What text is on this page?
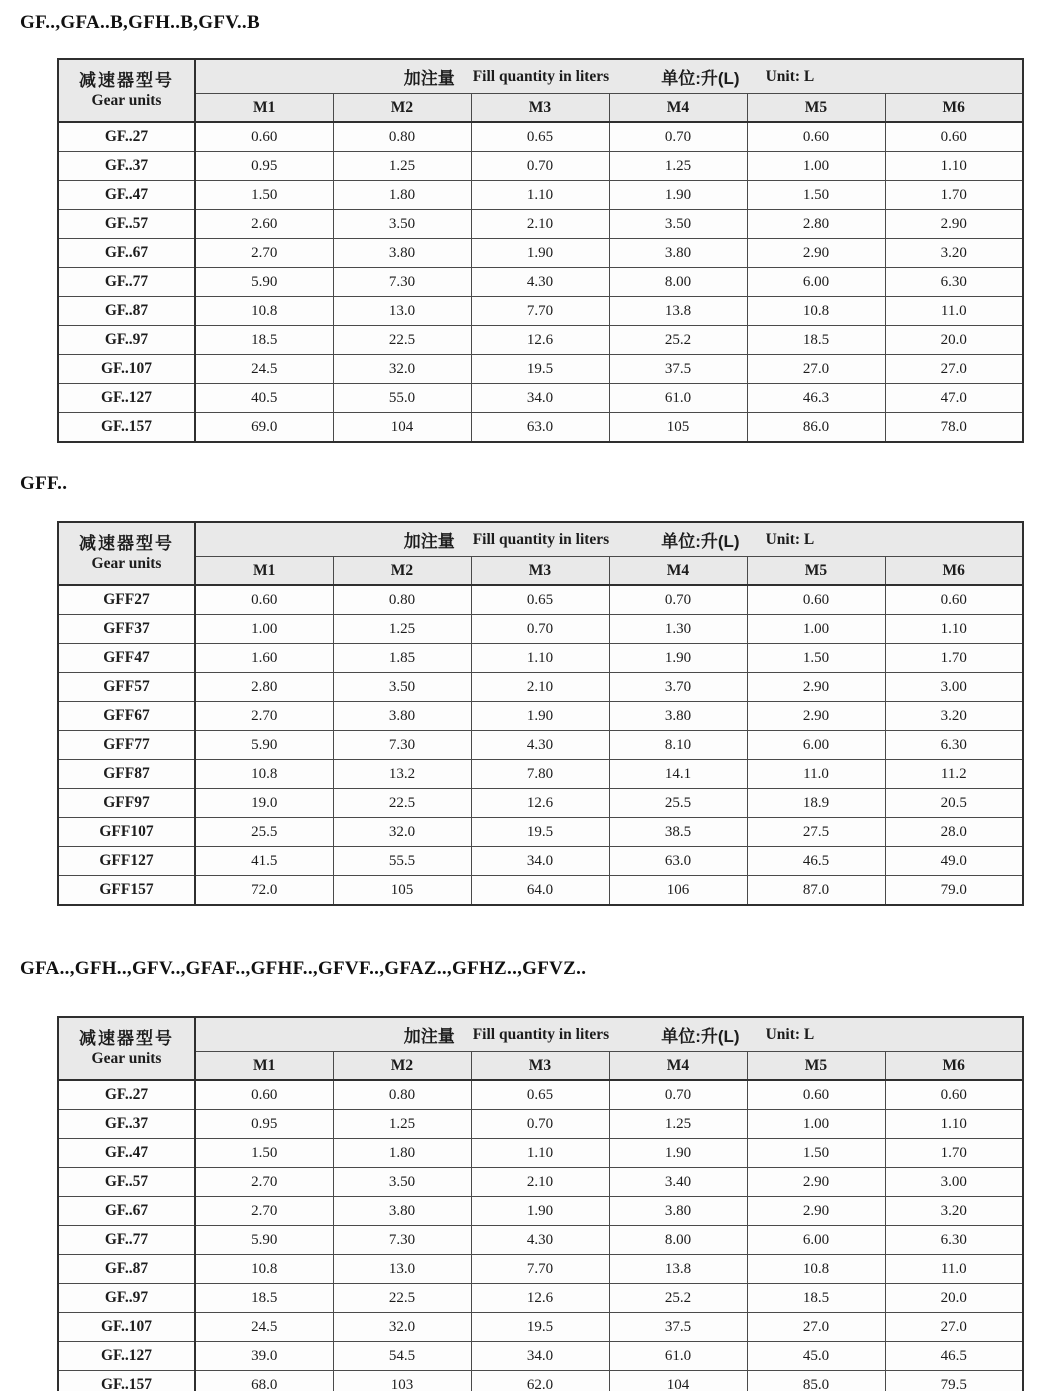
GF..,GFA..B,GFH..B,GFV..B
减速器型号
Gear units

加注量 Fill quantity in liters	单位:升(L) Unit: L

	M1	M2	M3	M4	M5	M6
GF..27	0.60	0.80	0.65	0.70	0.60	0.60
GF..37	0.95	1.25	0.70	1.25	1.00	1.10
GF..47	1.50	1.80	1.10	1.90	1.50	1.70
GF..57	2.60	3.50	2.10	3.50	2.80	2.90
GF..67	2.70	3.80	1.90	3.80	2.90	3.20
GF..77	5.90	7.30	4.30	8.00	6.00	6.30
GF..87	10.8	13.0	7.70	13.8	10.8	11.0
GF..97	18.5	22.5	12.6	25.2	18.5	20.0
GF..107	24.5	32.0	19.5	37.5	27.0	27.0
GF..127	40.5	55.0	34.0	61.0	46.3	47.0
GF..157	69.0	104	63.0	105	86.0	78.0
GFF..
减速器型号
Gear units

加注量 Fill quantity in liters	单位:升(L) Unit: L

	M1	M2	M3	M4	M5	M6
GFF27	0.60	0.80	0.65	0.70	0.60	0.60
GFF37	1.00	1.25	0.70	1.30	1.00	1.10
GFF47	1.60	1.85	1.10	1.90	1.50	1.70
GFF57	2.80	3.50	2.10	3.70	2.90	3.00
GFF67	2.70	3.80	1.90	3.80	2.90	3.20
GFF77	5.90	7.30	4.30	8.10	6.00	6.30
GFF87	10.8	13.2	7.80	14.1	11.0	11.2
GFF97	19.0	22.5	12.6	25.5	18.9	20.5
GFF107	25.5	32.0	19.5	38.5	27.5	28.0
GFF127	41.5	55.5	34.0	63.0	46.5	49.0
GFF157	72.0	105	64.0	106	87.0	79.0
GFA..,GFH..,GFV..,GFAF..,GFHF..,GFVF..,GFAZ..,GFHZ..,GFVZ..
减速器型号
Gear units

加注量 Fill quantity in liters	单位:升(L) Unit: L

	M1	M2	M3	M4	M5	M6
GF..27	0.60	0.80	0.65	0.70	0.60	0.60
GF..37	0.95	1.25	0.70	1.25	1.00	1.10
GF..47	1.50	1.80	1.10	1.90	1.50	1.70
GF..57	2.70	3.50	2.10	3.40	2.90	3.00
GF..67	2.70	3.80	1.90	3.80	2.90	3.20
GF..77	5.90	7.30	4.30	8.00	6.00	6.30
GF..87	10.8	13.0	7.70	13.8	10.8	11.0
GF..97	18.5	22.5	12.6	25.2	18.5	20.0
GF..107	24.5	32.0	19.5	37.5	27.0	27.0
GF..127	39.0	54.5	34.0	61.0	45.0	46.5
GF..157	68.0	103	62.0	104	85.0	79.5
